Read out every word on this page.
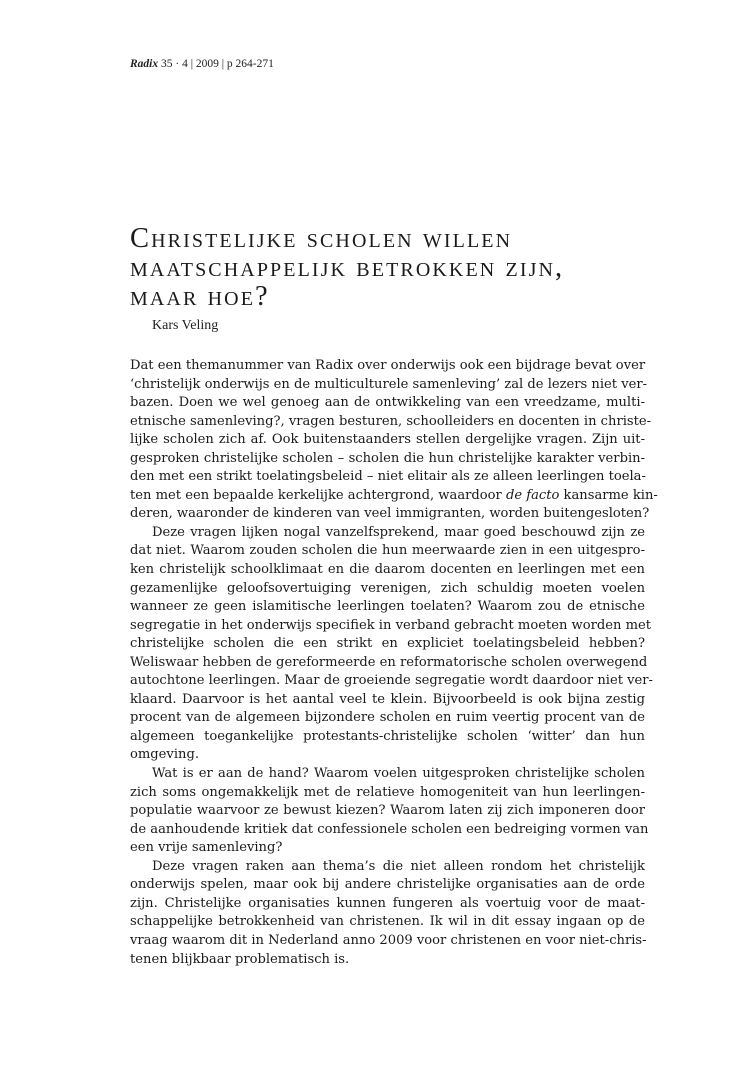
Radix 35 · 4 | 2009 | p 264-271
Christelijke scholen willen
maatschappelijk betrokken zijn,
maar hoe?
Kars Veling

Dat een themanummer van Radix over onderwijs ook een bijdrage bevat over
‘christelijk onderwijs en de multiculturele samenleving’ zal de lezers niet ver-
bazen. Doen we wel genoeg aan de ontwikkeling van een vreedzame, multi-
etnische samenleving?, vragen besturen, schoolleiders en docenten in christe-
lijke scholen zich af. Ook buitenstaanders stellen dergelijke vragen. Zijn uit-
gesproken christelijke scholen – scholen die hun christelijke karakter verbin-
den met een strikt toelatingsbeleid – niet elitair als ze alleen leerlingen toela-
ten met een bepaalde kerkelijke achtergrond, waardoor de facto kansarme kin-
deren, waaronder de kinderen van veel immigranten, worden buitengesloten?

Deze vragen lijken nogal vanzelfsprekend, maar goed beschouwd zijn ze
dat niet. Waarom zouden scholen die hun meerwaarde zien in een uitgespro-
ken christelijk schoolklimaat en die daarom docenten en leerlingen met een
gezamenlijke geloofsovertuiging verenigen, zich schuldig moeten voelen
wanneer ze geen islamitische leerlingen toelaten? Waarom zou de etnische
segregatie in het onderwijs specifiek in verband gebracht moeten worden met
christelijke scholen die een strikt en expliciet toelatingsbeleid hebben?
Weliswaar hebben de gereformeerde en reformatorische scholen overwegend
autochtone leerlingen. Maar de groeiende segregatie wordt daardoor niet ver-
klaard. Daarvoor is het aantal veel te klein. Bijvoorbeeld is ook bijna zestig
procent van de algemeen bijzondere scholen en ruim veertig procent van de
algemeen toegankelijke protestants-christelijke scholen ‘witter’ dan hun
omgeving.

Wat is er aan de hand? Waarom voelen uitgesproken christelijke scholen
zich soms ongemakkelijk met de relatieve homogeniteit van hun leerlingen-
populatie waarvoor ze bewust kiezen? Waarom laten zij zich imponeren door
de aanhoudende kritiek dat confessionele scholen een bedreiging vormen van
een vrije samenleving?

Deze vragen raken aan thema’s die niet alleen rondom het christelijk
onderwijs spelen, maar ook bij andere christelijke organisaties aan de orde
zijn. Christelijke organisaties kunnen fungeren als voertuig voor de maat-
schappelijke betrokkenheid van christenen. Ik wil in dit essay ingaan op de
vraag waarom dit in Nederland anno 2009 voor christenen en voor niet-chris-
tenen blijkbaar problematisch is.
